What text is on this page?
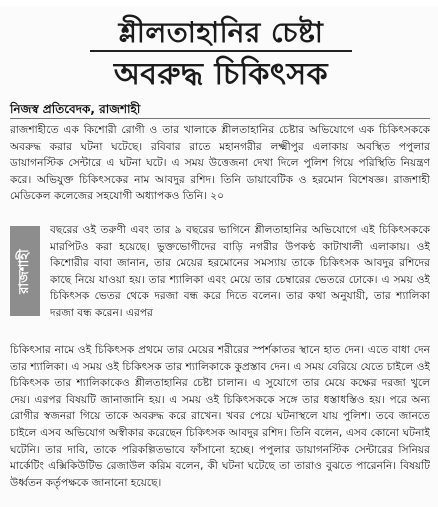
শ্লীলতাহানির চেষ্টা
অবরুদ্ধ চিকিৎসক
নিজস্ব প্রতিবেদক, রাজশাহী
রাজশাহীতে এক কিশোরী রোগী ও তার খালাকে শ্লীলতাহানির চেষ্টার অভিযোগে এক চিকিৎসককে অবরুদ্ধ করার ঘটনা ঘটেছে। রবিবার রাতে মহানগরীর লক্ষ্মীপুর এলাকায় অবস্থিত পপুলার ডায়াগনস্টিক সেন্টারে এ ঘটনা ঘটে। এ সময় উত্তেজনা দেখা দিলে পুলিশ গিয়ে পরিস্থিতি নিয়ন্ত্রণ করে। অভিযুক্ত চিকিৎসকের নাম আবদুর রশিদ। তিনি ডায়াবেটিক ও হরমোন বিশেষজ্ঞ। রাজশাহী মেডিকেল কলেজের সহযোগী অধ্যাপকও তিনি। ২০
বছরের ওই তরুণী এবং তার ৯ বছরের ভাগিনে শ্লীলতাহানির অভিযোগে এই চিকিৎসককে মারপিটও করা হয়েছে। ভুক্তভোগীদের বাড়ি নগরীর উপকণ্ঠ কাটাখালী এলাকায়। ওই কিশোরীর বাবা জানান, তার মেয়ের হরমোনের সমস্যায় তাকে চিকিৎসক আবদুর রশিদের কাছে নিয়ে যাওয়া হয়। তার শ্যালিকা এবং মেয়ে তার চেম্বারের ভেতরে ঢোকে। এ সময় ওই চিকিৎসক ভেতর থেকে দরজা বন্ধ করে দিতে বলেন। তার কথা অনুযায়ী, তার শ্যালিকা দরজা বন্ধ করেন। এরপর
চিকিৎসার নামে ওই চিকিৎসক প্রথমে তার মেয়ের শরীরের স্পর্শকাতর স্থানে হাত দেন। এতে বাধা দেন তার শ্যালিকা। এ সময় ওই চিকিৎসক তার শ্যালিকাকে কুপ্রস্তাব দেন। এ সময় বেরিয়ে যেতে চাইলে ওই চিকিৎসক তার শ্যালিকাকেও শ্লীলতাহানির চেষ্টা চালান। এ সুযোগে তার মেয়ে কক্ষের দরজা খুলে দেয়। এরপর বিষয়টি জানাজানি হয়। এ সময় ওই চিকিৎসককে সঙ্গে তার ধস্তাধস্তিও হয়। পরে অন্য রোগীর স্বজনরা গিয়ে তাকে অবরুদ্ধ করে রাখেন। খবর পেয়ে ঘটনাস্থলে যায় পুলিশ। তবে জানতে চাইলে এসব অভিযোগ অস্বীকার করেছেন চিকিৎসক আবদুর রশিদ। তিনি বলেন, এসব কোনো ঘটনাই ঘটেনি। তার দাবি, তাকে পরিকল্পিতভাবে ফাঁসানো হচ্ছে। পপুলার ডায়াগনস্টিক সেন্টারের সিনিয়র মার্কেটিং এক্সিকিউটিভ রেজাউল করিম বলেন, কী ঘটনা ঘটেছে তা তারাও বুঝতে পারেননি। বিষয়টি উর্ধ্বতন কর্তৃপক্ষকে জানানো হয়েছে।
রাজশাহী
